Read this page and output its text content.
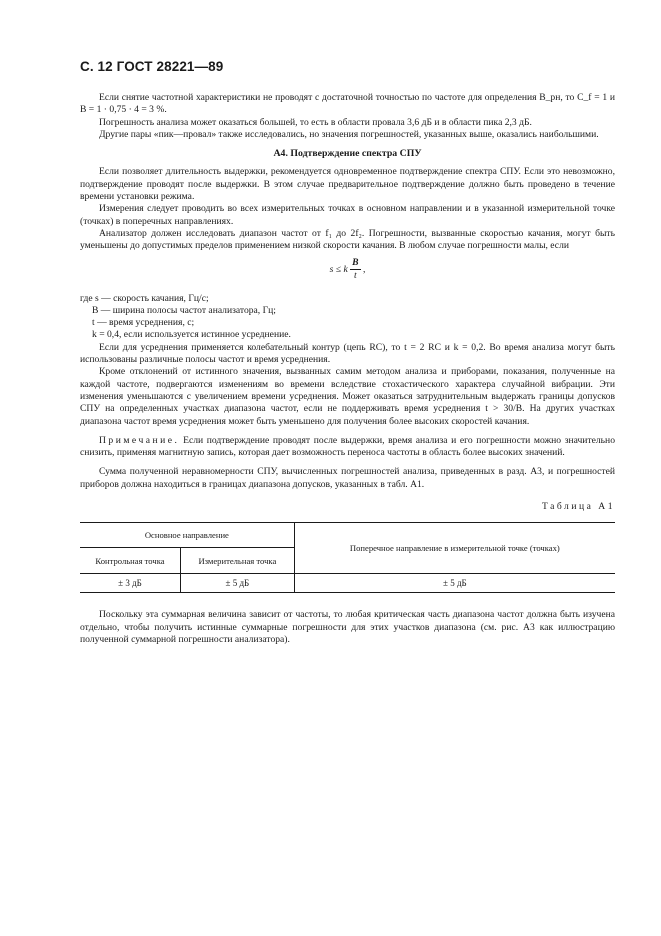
С. 12 ГОСТ 28221—89

Если снятие частотной характеристики не проводят с достаточной точностью по частоте для определения B_рн, то C_f = 1 и B = 1 · 0,75 · 4 = 3 %.

Погрешность анализа может оказаться большей, то есть в области провала 3,6 дБ и в области пика 2,3 дБ.

Другие пары «пик—провал» также исследовались, но значения погрешностей, указанных выше, оказались наибольшими.

А4. Подтверждение спектра СПУ

Если позволяет длительность выдержки, рекомендуется одновременное подтверждение спектра СПУ. Если это невозможно, подтверждение проводят после выдержки. В этом случае предварительное подтверждение должно быть проведено в течение времени установки режима.

Измерения следует проводить во всех измерительных точках в основном направлении и в указанной измерительной точке (точках) в поперечных направлениях.

Анализатор должен исследовать диапазон частот от f₁ до 2f₂. Погрешности, вызванные скоростью качания, могут быть уменьшены до допустимых пределов применением низкой скорости качания. В любом случае погрешности малы, если

s ≤ k $\frac{B}{t}$ ,

где s — скорость качания, Гц/с;

B — ширина полосы частот анализатора, Гц;

t — время усреднения, с;

k = 0,4, если используется истинное усреднение.

Если для усреднения применяется колебательный контур (цепь RC), то t = 2 RC и k = 0,2. Во время анализа могут быть использованы различные полосы частот и время усреднения.

Кроме отклонений от истинного значения, вызванных самим методом анализа и приборами, показания, полученные на каждой частоте, подвергаются изменениям во времени вследствие стохастического характера случайной вибрации. Эти изменения уменьшаются с увеличением времени усреднения. Может оказаться затруднительным выдержать границы допусков СПУ на определенных участках диапазона частот, если не поддерживать время усреднения t > 30/B. На других участках диапазона частот время усреднения может быть уменьшено для получения более высоких скоростей качания.

Примечание. Если подтверждение проводят после выдержки, время анализа и его погрешности можно значительно снизить, применяя магнитную запись, которая дает возможность переноса частоты в область более высоких значений.

Сумма полученной неравномерности СПУ, вычисленных погрешностей анализа, приведенных в разд. А3, и погрешностей приборов должна находиться в границах диапазона допусков, указанных в табл. А1.

Таблица А1

Основное направление		Поперечное направление в измерительной точке (точках)
Контрольная точка	Измерительная точка	
± 3 дБ	± 5 дБ	± 5 дБ

Поскольку эта суммарная величина зависит от частоты, то любая критическая часть диапазона частот должна быть изучена отдельно, чтобы получить истинные суммарные погрешности для этих участков диапазона (см. рис. А3 как иллюстрацию полученной суммарной погрешности анализатора).
